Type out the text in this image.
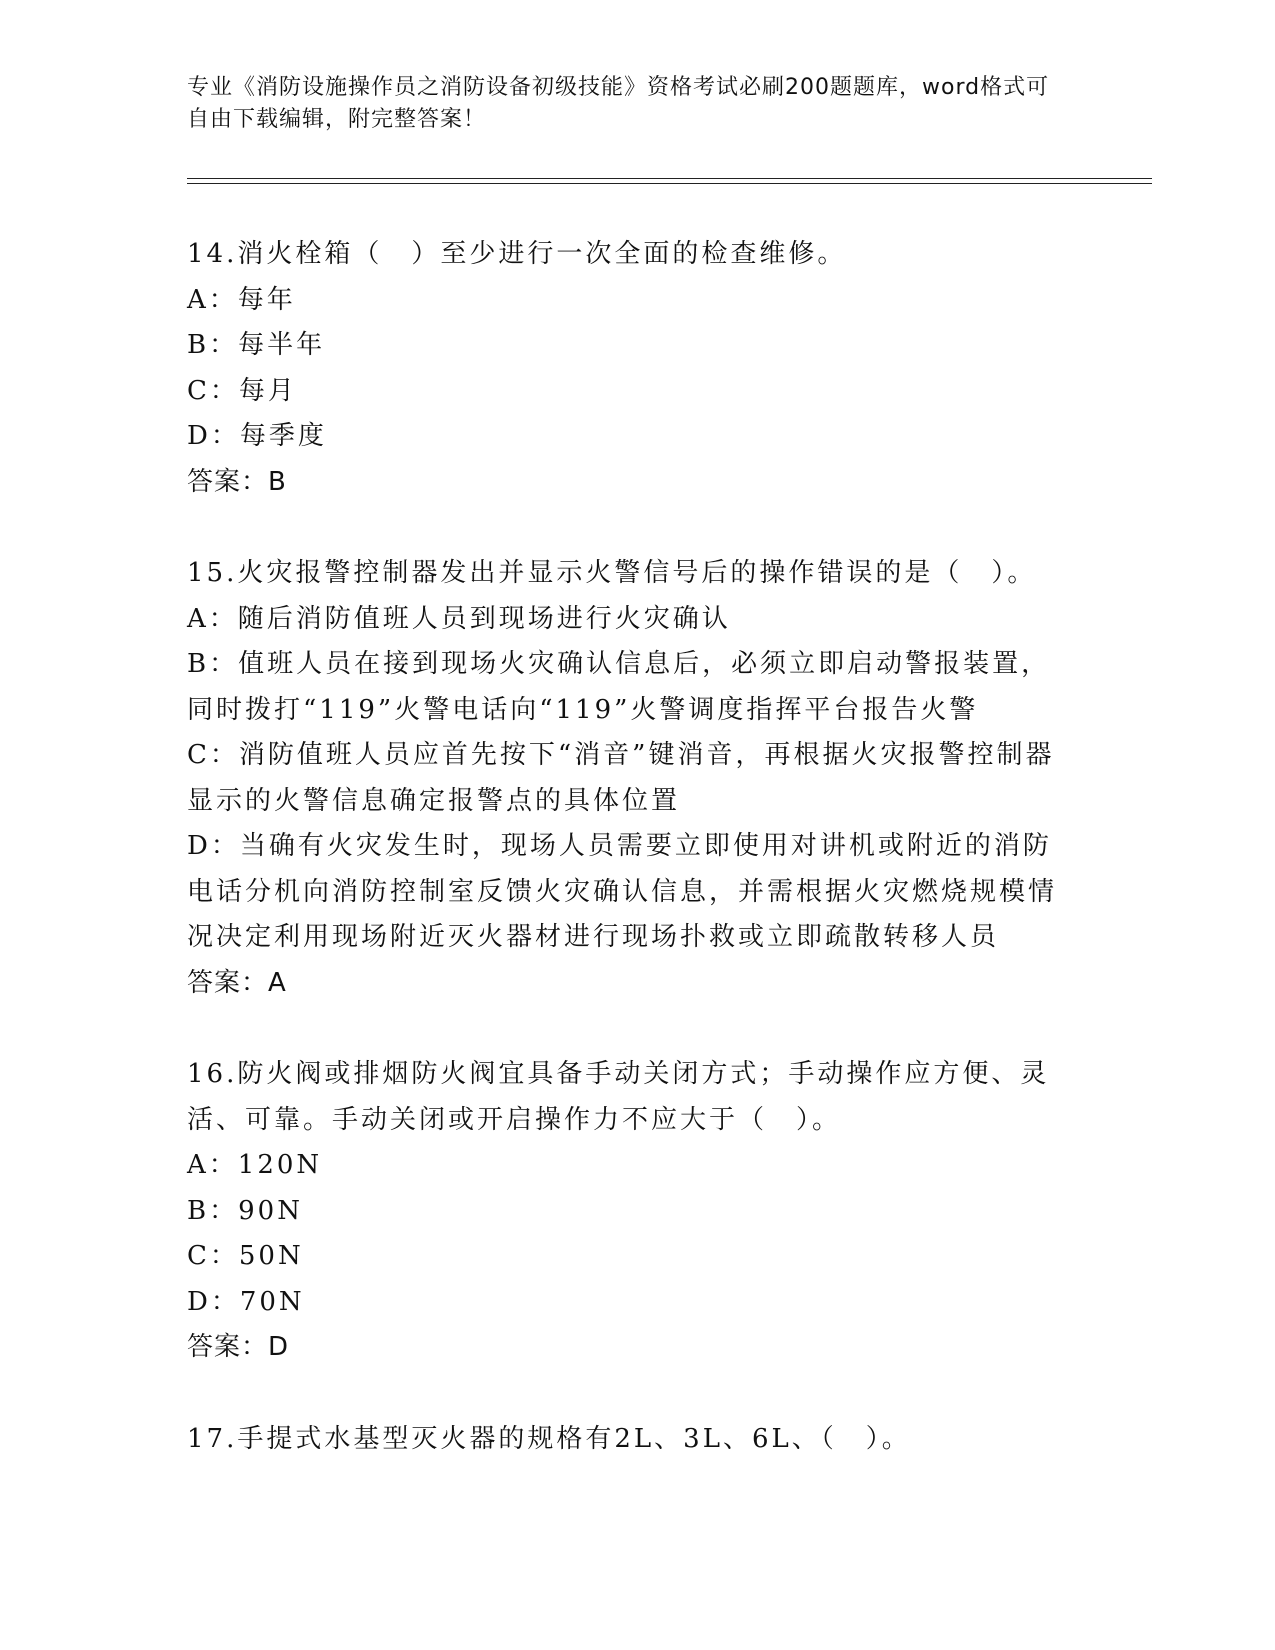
专业《消防设施操作员之消防设备初级技能》资格考试必刷200题题库，word格式可自由下载编辑，附完整答案！

14.消火栓箱（　）至少进行一次全面的检查维修。

A：每年

B：每半年

C：每月

D：每季度

答案：B

15.火灾报警控制器发出并显示火警信号后的操作错误的是（　）。

A：随后消防值班人员到现场进行火灾确认

B：值班人员在接到现场火灾确认信息后，必须立即启动警报装置，同时拨打“119”火警电话向“119”火警调度指挥平台报告火警

C：消防值班人员应首先按下“消音”键消音，再根据火灾报警控制器显示的火警信息确定报警点的具体位置

D：当确有火灾发生时，现场人员需要立即使用对讲机或附近的消防电话分机向消防控制室反馈火灾确认信息，并需根据火灾燃烧规模情况决定利用现场附近灭火器材进行现场扑救或立即疏散转移人员

答案：A

16.防火阀或排烟防火阀宜具备手动关闭方式；手动操作应方便、灵活、可靠。手动关闭或开启操作力不应大于（　）。

A：120N

B：90N

C：50N

D：70N

答案：D

17.手提式水基型灭火器的规格有2L、3L、6L、（　）。
